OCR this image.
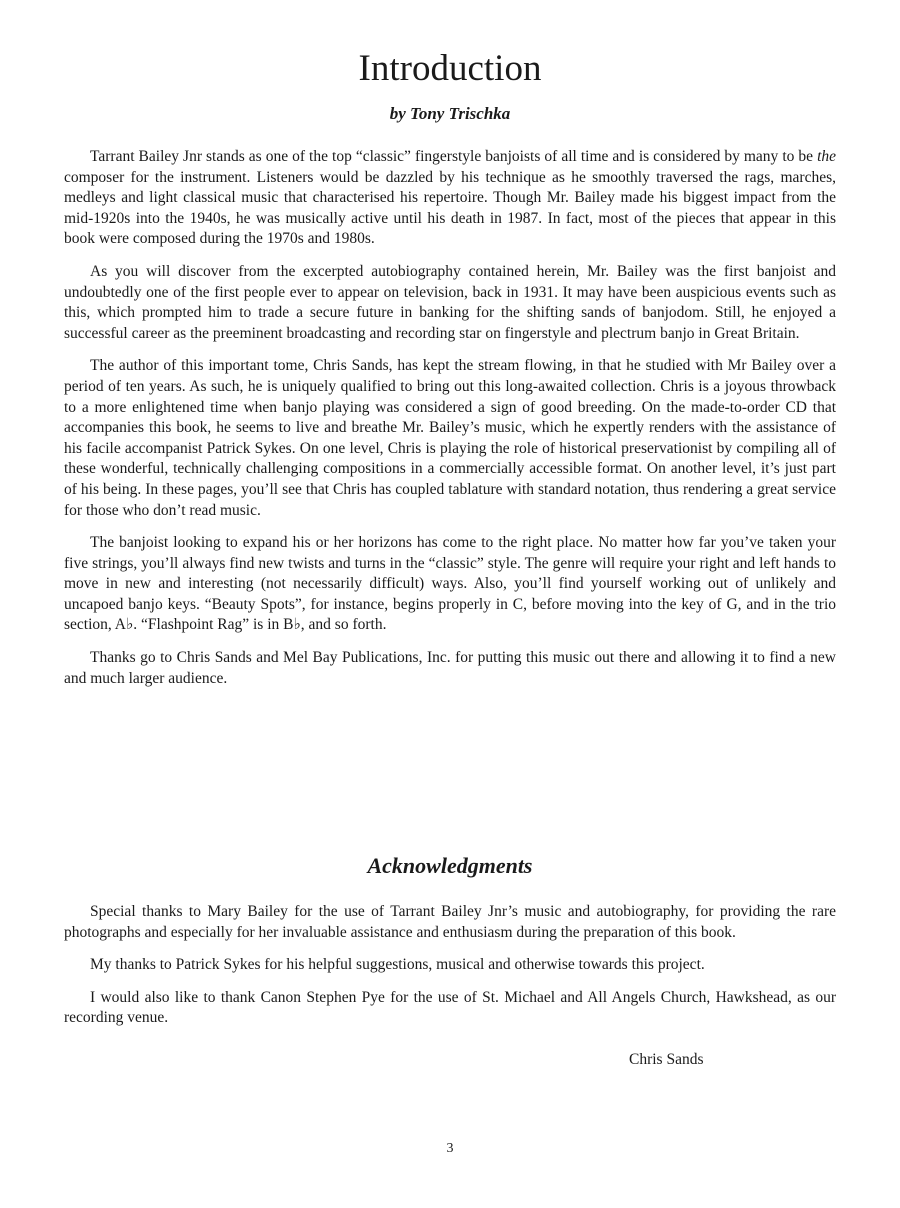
Introduction
by Tony Trischka

Tarrant Bailey Jnr stands as one of the top “classic” fingerstyle banjoists of all time and is considered by many to be the composer for the instrument. Listeners would be dazzled by his technique as he smoothly traversed the rags, marches, medleys and light classical music that characterised his repertoire. Though Mr. Bailey made his biggest impact from the mid-1920s into the 1940s, he was musically active until his death in 1987. In fact, most of the pieces that appear in this book were composed during the 1970s and 1980s.

As you will discover from the excerpted autobiography contained herein, Mr. Bailey was the first banjoist and undoubtedly one of the first people ever to appear on television, back in 1931. It may have been auspicious events such as this, which prompted him to trade a secure future in banking for the shifting sands of banjodom. Still, he enjoyed a successful career as the preeminent broadcasting and recording star on fingerstyle and plectrum banjo in Great Britain.

The author of this important tome, Chris Sands, has kept the stream flowing, in that he studied with Mr Bailey over a period of ten years. As such, he is uniquely qualified to bring out this long-awaited collection. Chris is a joyous throwback to a more enlightened time when banjo playing was considered a sign of good breeding. On the made-to-order CD that accompanies this book, he seems to live and breathe Mr. Bailey’s music, which he expertly renders with the assistance of his facile accompanist Patrick Sykes. On one level, Chris is playing the role of historical preservationist by compiling all of these wonderful, technically challenging compositions in a commercially accessible format. On another level, it’s just part of his being. In these pages, you’ll see that Chris has coupled tablature with standard notation, thus rendering a great service for those who don’t read music.

The banjoist looking to expand his or her horizons has come to the right place. No matter how far you’ve taken your five strings, you’ll always find new twists and turns in the “classic” style. The genre will require your right and left hands to move in new and interesting (not necessarily difficult) ways. Also, you’ll find yourself working out of unlikely and uncapoed banjo keys. “Beauty Spots”, for instance, begins properly in C, before moving into the key of G, and in the trio section, A♭. “Flashpoint Rag” is in B♭, and so forth.

Thanks go to Chris Sands and Mel Bay Publications, Inc. for putting this music out there and allowing it to find a new and much larger audience.

Acknowledgments

Special thanks to Mary Bailey for the use of Tarrant Bailey Jnr’s music and autobiography, for providing the rare photographs and especially for her invaluable assistance and enthusiasm during the preparation of this book.

My thanks to Patrick Sykes for his helpful suggestions, musical and otherwise towards this project.

I would also like to thank Canon Stephen Pye for the use of St. Michael and All Angels Church, Hawkshead, as our recording venue.

Chris Sands
3
